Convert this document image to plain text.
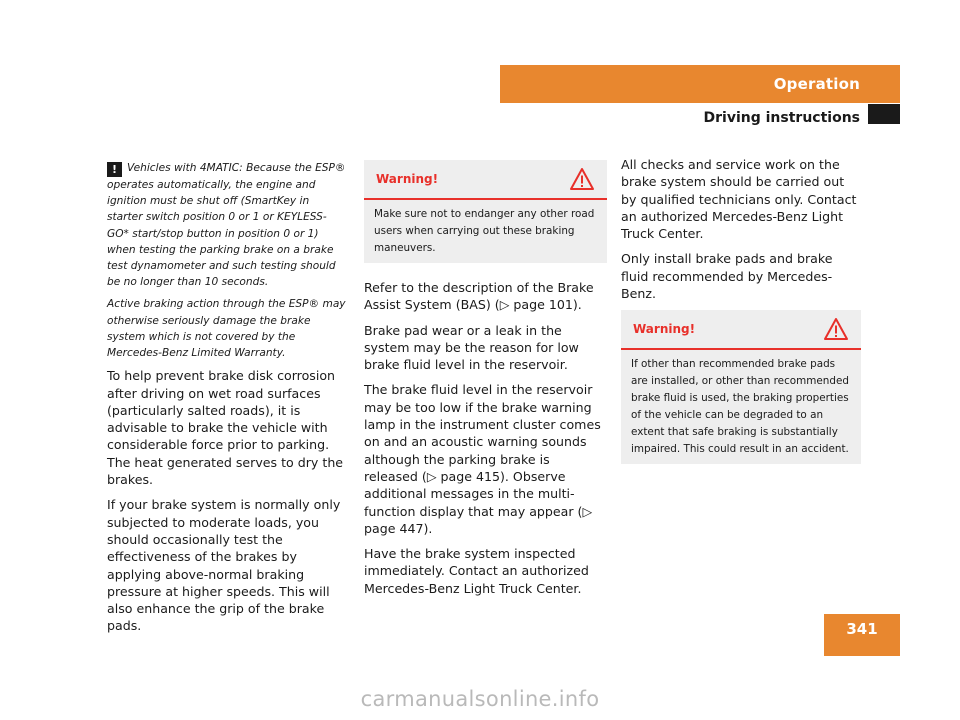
Operation
Driving instructions

! Vehicles with 4MATIC: Because the ESP® operates automatically, the engine and ignition must be shut off (SmartKey in starter switch position 0 or 1 or KEYLESS-GO* start/stop button in position 0 or 1) when testing the parking brake on a brake test dynamometer and such testing should be no longer than 10 seconds.

Active braking action through the ESP® may otherwise seriously damage the brake system which is not covered by the Mercedes-Benz Limited Warranty.

To help prevent brake disk corrosion after driving on wet road surfaces (particularly salted roads), it is advisable to brake the vehicle with considerable force prior to parking. The heat generated serves to dry the brakes.

If your brake system is normally only subjected to moderate loads, you should occasionally test the effectiveness of the brakes by applying above-normal braking pressure at higher speeds. This will also enhance the grip of the brake pads.

Warning!
Make sure not to endanger any other road users when carrying out these braking maneuvers.

Refer to the description of the Brake Assist System (BAS) (▷ page 101).

Brake pad wear or a leak in the system may be the reason for low brake fluid level in the reservoir.

The brake fluid level in the reservoir may be too low if the brake warning lamp in the instrument cluster comes on and an acoustic warning sounds although the parking brake is released (▷ page 415). Observe additional messages in the multi-function display that may appear (▷ page 447).

Have the brake system inspected immediately. Contact an authorized Mercedes-Benz Light Truck Center.

All checks and service work on the brake system should be carried out by qualified technicians only. Contact an authorized Mercedes-Benz Light Truck Center.

Only install brake pads and brake fluid recommended by Mercedes-Benz.

Warning!
If other than recommended brake pads are installed, or other than recommended brake fluid is used, the braking properties of the vehicle can be degraded to an extent that safe braking is substantially impaired. This could result in an accident.
341
carmanualsonline.info
